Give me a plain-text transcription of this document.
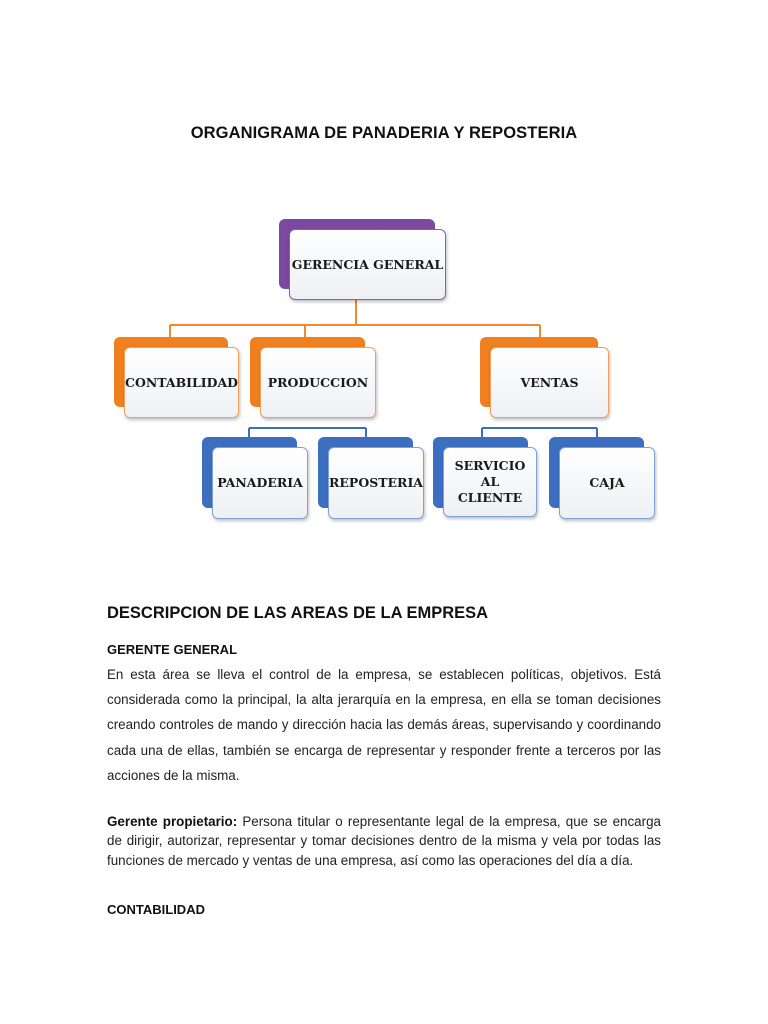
ORGANIGRAMA DE PANADERIA Y REPOSTERIA
GERENCIA GENERAL
CONTABILIDAD	PRODUCCION	VENTAS
PANADERIA	REPOSTERIA
SERVICIO AL CLIENTE
CAJA
DESCRIPCION DE LAS AREAS DE LA EMPRESA
GERENTE GENERAL
En esta área se lleva el control de la empresa, se establecen políticas, objetivos. Está considerada como la principal, la alta jerarquía en la empresa, en ella se toman decisiones creando controles de mando y dirección hacia las demás áreas, supervisando y coordinando cada una de ellas, también se encarga de representar y responder frente a terceros por las acciones de la misma.
Gerente propietario: Persona titular o representante legal de la empresa, que se encarga de dirigir, autorizar, representar y tomar decisiones dentro de la misma y vela por todas las funciones de mercado y ventas de una empresa, así como las operaciones del día a día.
CONTABILIDAD
